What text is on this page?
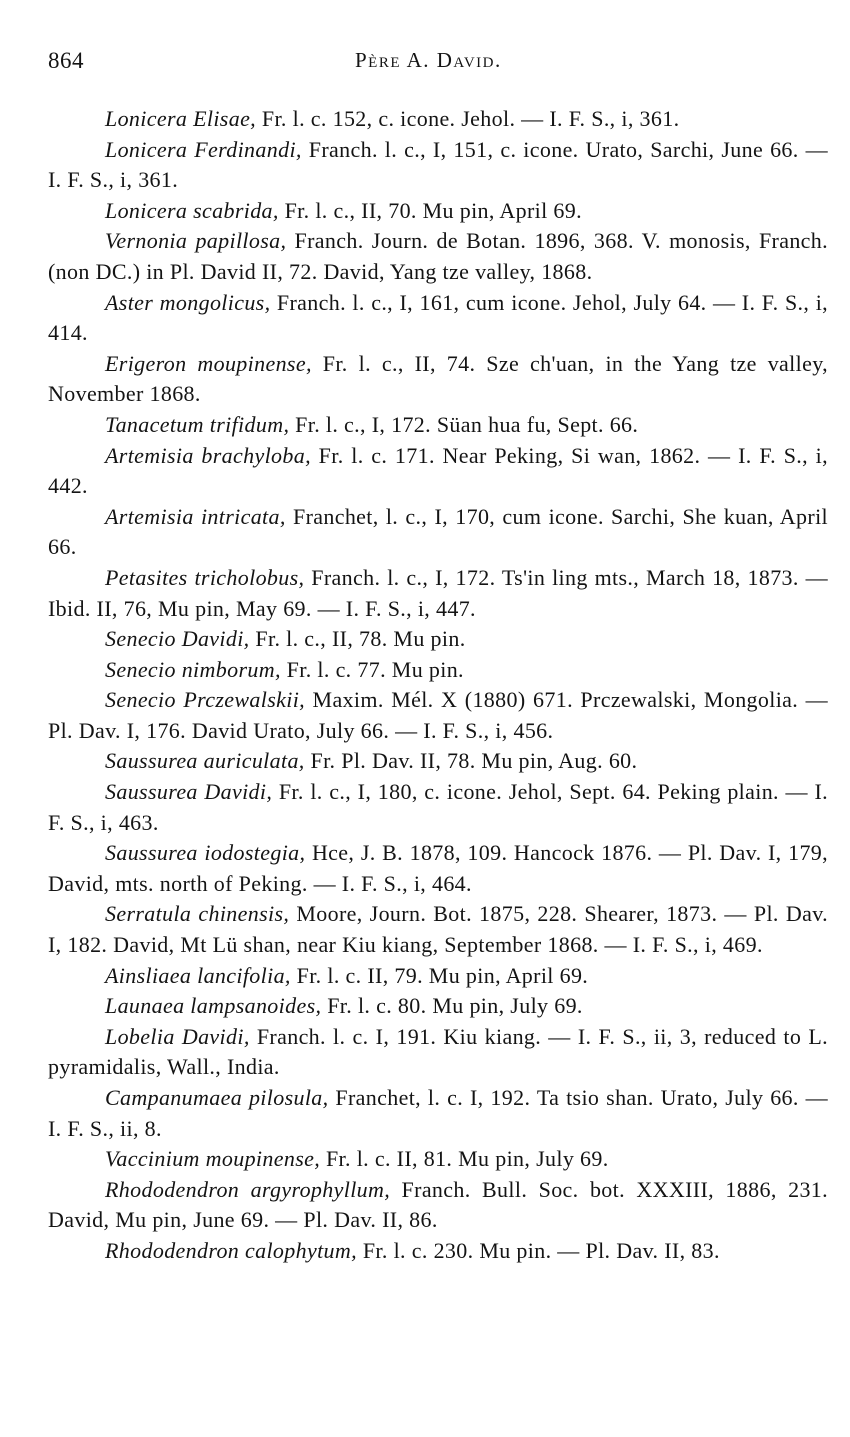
864	Père A. David.

Lonicera Elisae, Fr. l. c. 152, c. icone. Jehol. — I. F. S., i, 361.

Lonicera Ferdinandi, Franch. l. c., I, 151, c. icone. Urato, Sarchi, June 66. — I. F. S., i, 361.

Lonicera scabrida, Fr. l. c., II, 70. Mu pin, April 69.

Vernonia papillosa, Franch. Journ. de Botan. 1896, 368. V. monosis, Franch. (non DC.) in Pl. David II, 72. David, Yang tze valley, 1868.

Aster mongolicus, Franch. l. c., I, 161, cum icone. Jehol, July 64. — I. F. S., i, 414.

Erigeron moupinense, Fr. l. c., II, 74. Sze ch'uan, in the Yang tze valley, November 1868.

Tanacetum trifidum, Fr. l. c., I, 172. Süan hua fu, Sept. 66.

Artemisia brachyloba, Fr. l. c. 171. Near Peking, Si wan, 1862. — I. F. S., i, 442.

Artemisia intricata, Franchet, l. c., I, 170, cum icone. Sarchi, She kuan, April 66.

Petasites tricholobus, Franch. l. c., I, 172. Ts'in ling mts., March 18, 1873. — Ibid. II, 76, Mu pin, May 69. — I. F. S., i, 447.

Senecio Davidi, Fr. l. c., II, 78. Mu pin.

Senecio nimborum, Fr. l. c. 77. Mu pin.

Senecio Prczewalskii, Maxim. Mél. X (1880) 671. Prczewalski, Mongolia. — Pl. Dav. I, 176. David Urato, July 66. — I. F. S., i, 456.

Saussurea auriculata, Fr. Pl. Dav. II, 78. Mu pin, Aug. 60.

Saussurea Davidi, Fr. l. c., I, 180, c. icone. Jehol, Sept. 64. Peking plain. — I. F. S., i, 463.

Saussurea iodostegia, Hce, J. B. 1878, 109. Hancock 1876. — Pl. Dav. I, 179, David, mts. north of Peking. — I. F. S., i, 464.

Serratula chinensis, Moore, Journ. Bot. 1875, 228. Shearer, 1873. — Pl. Dav. I, 182. David, Mt Lü shan, near Kiu kiang, September 1868. — I. F. S., i, 469.

Ainsliaea lancifolia, Fr. l. c. II, 79. Mu pin, April 69.

Launaea lampsanoides, Fr. l. c. 80. Mu pin, July 69.

Lobelia Davidi, Franch. l. c. I, 191. Kiu kiang. — I. F. S., ii, 3, reduced to L. pyramidalis, Wall., India.

Campanumaea pilosula, Franchet, l. c. I, 192. Ta tsio shan. Urato, July 66. — I. F. S., ii, 8.

Vaccinium moupinense, Fr. l. c. II, 81. Mu pin, July 69.

Rhododendron argyrophyllum, Franch. Bull. Soc. bot. XXXIII, 1886, 231. David, Mu pin, June 69. — Pl. Dav. II, 86.

Rhododendron calophytum, Fr. l. c. 230. Mu pin. — Pl. Dav. II, 83.
